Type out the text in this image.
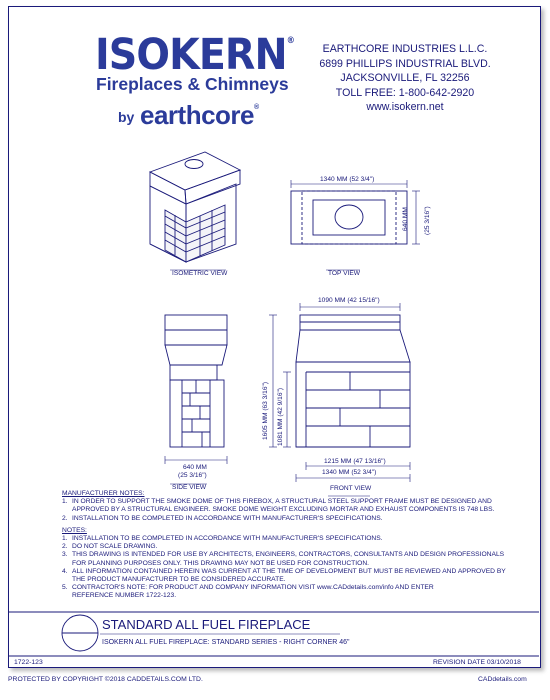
ISOKERN®
Fireplaces & Chimneys
by earthcore®
EARTHCORE INDUSTRIES L.L.C.
6899 PHILLIPS INDUSTRIAL BLVD.
JACKSONVILLE, FL 32256
TOLL FREE: 1-800-642-2920
www.isokern.net
ISOMETRIC VIEW	TOP VIEW
SIDE VIEW	FRONT VIEW
1340 MM (52 3/4")
640 MM (25 3/16")
640 MM
(25 3/16")
1090 MM (42 15/16")
1605 MM (63 3/16") 1081 MM (42 9/16")
1215 MM (47 13/16")
1340 MM (52 3/4")
MANUFACTURER NOTES:
1. IN ORDER TO SUPPORT THE SMOKE DOME OF THIS FIREBOX, A STRUCTURAL STEEL SUPPORT FRAME MUST BE DESIGNED AND
APPROVED BY A STRUCTURAL ENGINEER. SMOKE DOME WEIGHT EXCLUDING MORTAR AND EXHAUST COMPONENTS IS 748 LBS.
2. INSTALLATION TO BE COMPLETED IN ACCORDANCE WITH MANUFACTURER'S SPECIFICATIONS.
NOTES:
1. INSTALLATION TO BE COMPLETED IN ACCORDANCE WITH MANUFACTURER'S SPECIFICATIONS.
2. DO NOT SCALE DRAWING.
3. THIS DRAWING IS INTENDED FOR USE BY ARCHITECTS, ENGINEERS, CONTRACTORS, CONSULTANTS AND DESIGN PROFESSIONALS
FOR PLANNING PURPOSES ONLY. THIS DRAWING MAY NOT BE USED FOR CONSTRUCTION.
4. ALL INFORMATION CONTAINED HEREIN WAS CURRENT AT THE TIME OF DEVELOPMENT BUT MUST BE REVIEWED AND APPROVED BY
THE PRODUCT MANUFACTURER TO BE CONSIDERED ACCURATE.
5. CONTRACTOR'S NOTE: FOR PRODUCT AND COMPANY INFORMATION VISIT www.CADdetails.com/info AND ENTER
REFERENCE NUMBER 1722-123.
STANDARD ALL FUEL FIREPLACE
ISOKERN ALL FUEL FIREPLACE: STANDARD SERIES - RIGHT CORNER 46"
1722-123	REVISION DATE 03/10/2018
PROTECTED BY COPYRIGHT ©2018 CADDETAILS.COM LTD.	CADdetails.com
